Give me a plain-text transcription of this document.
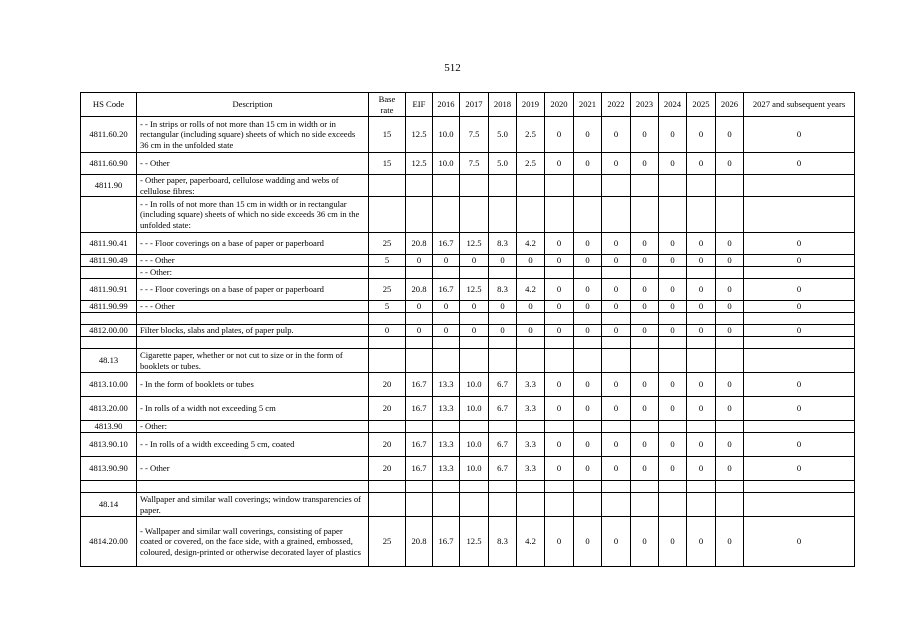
512
HS Code	Description	Base rate	EIF	2016	2017	2018	2019	2020	2021	2022	2023	2024	2025	2026	2027 and subsequent years
4811.60.20	- - In strips or rolls of not more than 15 cm in width or in rectangular (including square) sheets of which no side exceeds 36 cm in the unfolded state	15	12.5	10.0	7.5	5.0	2.5	0	0	0	0	0	0	0	0
4811.60.90	- - Other	15	12.5	10.0	7.5	5.0	2.5	0	0	0	0	0	0	0	0
4811.90	- Other paper, paperboard, cellulose wadding and webs of cellulose fibres:														
	- - In rolls of not more than 15 cm in width or in rectangular (including square) sheets of which no side exceeds 36 cm in the unfolded state:														
4811.90.41	- - - Floor coverings on a base of paper or paperboard	25	20.8	16.7	12.5	8.3	4.2	0	0	0	0	0	0	0	0
4811.90.49	- - - Other	5	0	0	0	0	0	0	0	0	0	0	0	0	0
	- - Other:														
4811.90.91	- - - Floor coverings on a base of paper or paperboard	25	20.8	16.7	12.5	8.3	4.2	0	0	0	0	0	0	0	0
4811.90.99	- - - Other	5	0	0	0	0	0	0	0	0	0	0	0	0	0

4812.00.00	Filter blocks, slabs and plates, of paper pulp.	0	0	0	0	0	0	0	0	0	0	0	0	0	0

48.13	Cigarette paper, whether or not cut to size or in the form of booklets or tubes.														
4813.10.00	- In the form of booklets or tubes	20	16.7	13.3	10.0	6.7	3.3	0	0	0	0	0	0	0	0
4813.20.00	- In rolls of a width not exceeding 5 cm	20	16.7	13.3	10.0	6.7	3.3	0	0	0	0	0	0	0	0
4813.90	- Other:														
4813.90.10	- - In rolls of a width exceeding 5 cm, coated	20	16.7	13.3	10.0	6.7	3.3	0	0	0	0	0	0	0	0
4813.90.90	- - Other	20	16.7	13.3	10.0	6.7	3.3	0	0	0	0	0	0	0	0

48.14	Wallpaper and similar wall coverings; window transparencies of paper.														
4814.20.00	- Wallpaper and similar wall coverings, consisting of paper coated or covered, on the face side, with a grained, embossed, coloured, design-printed or otherwise decorated layer of plastics	25	20.8	16.7	12.5	8.3	4.2	0	0	0	0	0	0	0	0
